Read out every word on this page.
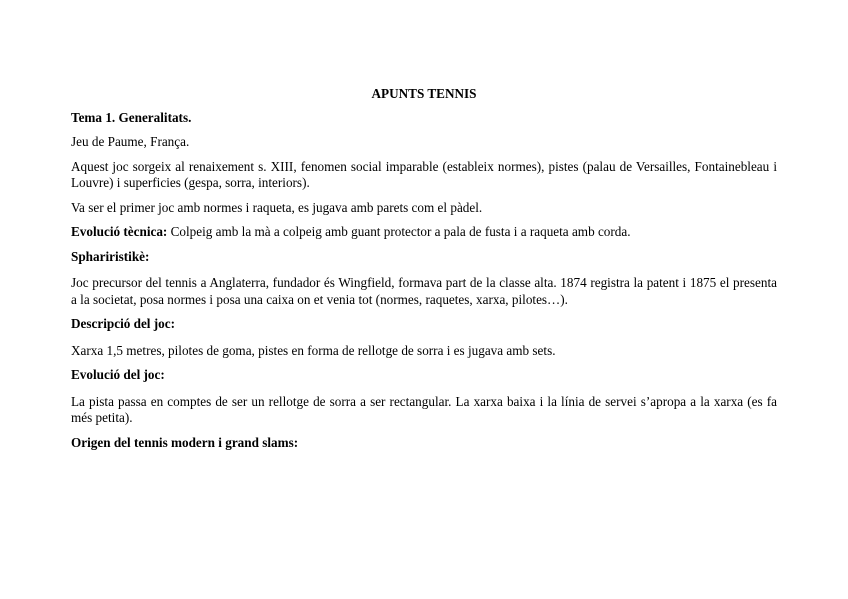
APUNTS TENNIS

Tema 1. Generalitats.

Jeu de Paume, França.

Aquest joc sorgeix al renaixement s. XIII, fenomen social imparable (estableix normes), pistes (palau de Versailles, Fontainebleau i Louvre) i superficies (gespa, sorra, interiors).

Va ser el primer joc amb normes i raqueta, es jugava amb parets com el pàdel.

Evolució tècnica: Colpeig amb la mà a colpeig amb guant protector a pala de fusta i a raqueta amb corda.

Sphariristikè:

Joc precursor del tennis a Anglaterra, fundador és Wingfield, formava part de la classe alta. 1874 registra la patent i 1875 el presenta a la societat, posa normes i posa una caixa on et venia tot (normes, raquetes, xarxa, pilotes…).

Descripció del joc:

Xarxa 1,5 metres, pilotes de goma, pistes en forma de rellotge de sorra i es jugava amb sets.

Evolució del joc:

La pista passa en comptes de ser un rellotge de sorra a ser rectangular. La xarxa baixa i la línia de servei s’apropa a la xarxa (es fa més petita).

Origen del tennis modern i grand slams:
